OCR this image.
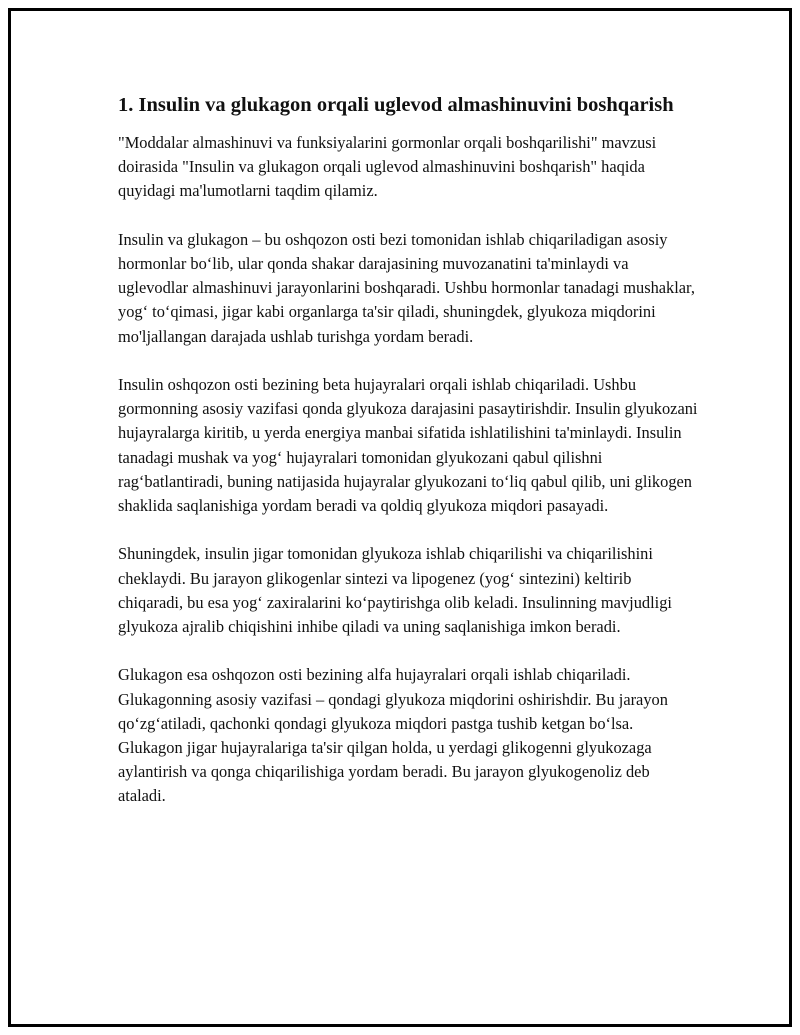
1. Insulin va glukagon orqali uglevod almashinuvini boshqarish

"Moddalar almashinuvi va funksiyalarini gormonlar orqali boshqarilishi" mavzusi doirasida "Insulin va glukagon orqali uglevod almashinuvini boshqarish" haqida quyidagi ma'lumotlarni taqdim qilamiz.

Insulin va glukagon – bu oshqozon osti bezi tomonidan ishlab chiqariladigan asosiy hormonlar bo‘lib, ular qonda shakar darajasining muvozanatini ta'minlaydi va uglevodlar almashinuvi jarayonlarini boshqaradi. Ushbu hormonlar tanadagi mushaklar, yog‘ to‘qimasi, jigar kabi organlarga ta'sir qiladi, shuningdek, glyukoza miqdorini mo'ljallangan darajada ushlab turishga yordam beradi.

Insulin oshqozon osti bezining beta hujayralari orqali ishlab chiqariladi. Ushbu gormonning asosiy vazifasi qonda glyukoza darajasini pasaytirishdir. Insulin glyukozani hujayralarga kiritib, u yerda energiya manbai sifatida ishlatilishini ta'minlaydi. Insulin tanadagi mushak va yog‘ hujayralari tomonidan glyukozani qabul qilishni rag‘batlantiradi, buning natijasida hujayralar glyukozani to‘liq qabul qilib, uni glikogen shaklida saqlanishiga yordam beradi va qoldiq glyukoza miqdori pasayadi.

Shuningdek, insulin jigar tomonidan glyukoza ishlab chiqarilishi va chiqarilishini cheklaydi. Bu jarayon glikogenlar sintezi va lipogenez (yog‘ sintezini) keltirib chiqaradi, bu esa yog‘ zaxiralarini ko‘paytirishga olib keladi. Insulinning mavjudligi glyukoza ajralib chiqishini inhibe qiladi va uning saqlanishiga imkon beradi.

Glukagon esa oshqozon osti bezining alfa hujayralari orqali ishlab chiqariladi. Glukagonning asosiy vazifasi – qondagi glyukoza miqdorini oshirishdir. Bu jarayon qo‘zg‘atiladi, qachonki qondagi glyukoza miqdori pastga tushib ketgan bo‘lsa. Glukagon jigar hujayralariga ta'sir qilgan holda, u yerdagi glikogenni glyukozaga aylantirish va qonga chiqarilishiga yordam beradi. Bu jarayon glyukogenoliz deb ataladi.
